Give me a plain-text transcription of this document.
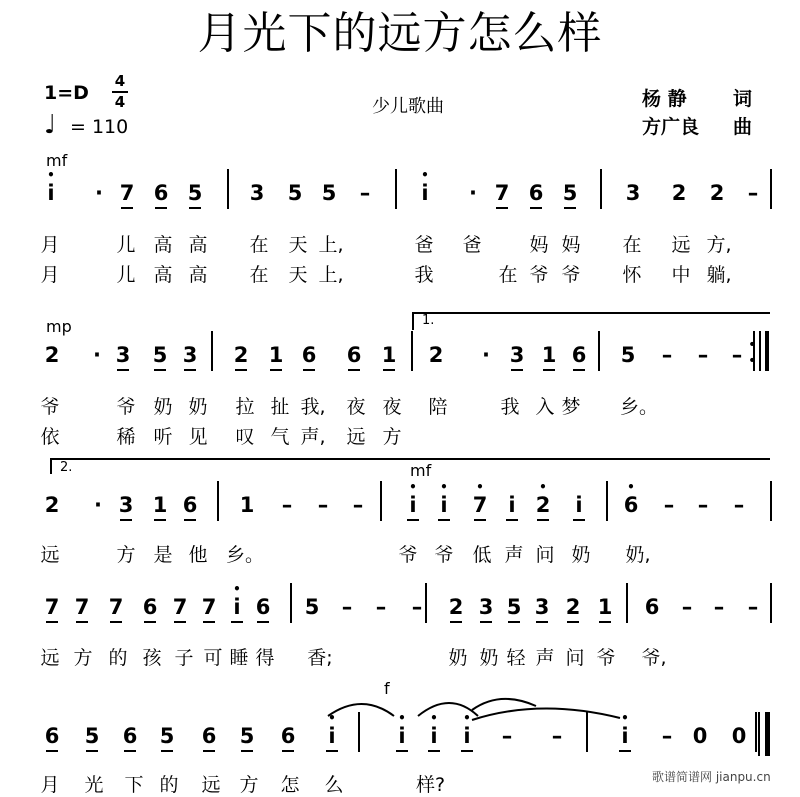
月光下的远方怎么样
1=D
4
4
♩ = 110
少儿歌曲	杨 静 词
方广良 曲
mf
mp
mf
f
1.
2.
i
•
· 7 6 5 3 5 5	–	i
•
· 7 6 5 3 2 2	–
月	儿 高 高 在 天 上,	爸 爸	妈 妈 在 远 方,
月	儿 高 高 在 天 上,	我	在 爷 爷 怀 中 躺,
2	· 3 5 3 2 1 6 6 1 2	· 3 1 6 5	–	–	–
爷	爷 奶 奶 拉 扯 我, 夜 夜 陪	我 入 梦 乡。
依	稀 听 见 叹 气 声, 远 方
2	· 3 1 6 1	–	–	–	i
•
i
•
7
•
i 2
•
i	6
•
–	–	–
远	方 是 他 乡。	爷 爷 低 声 问 奶 奶,
7 7 7 6 7 7 i
•
6 5	–	–	–	2 3 5 3 2 1 6	–	–	–
远 方 的 孩 子 可 睡 得 香;	奶 奶 轻 声 问 爷 爷,
6 5 6 5 6 5 6	i
•
i
•
i
•
i
•
–	–	i
•
– 0 0
月 光 下 的 远 方 怎 么	样?
•
•
歌谱简谱网 jianpu.cn
